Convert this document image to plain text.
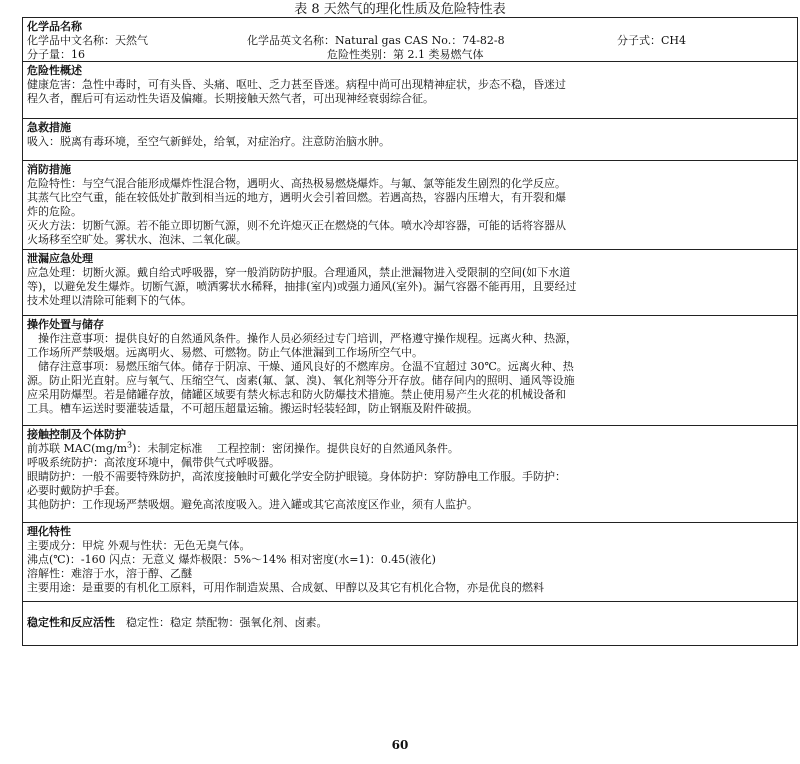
表 8 天然气的理化性质及危险特性表
化学品名称
化学品中文名称：天然气	化学品英文名称：Natural gas CAS No.：74-82-8	分子式：CH4
分子量：16	危险性类别：第 2.1 类易燃气体
危险性概述
健康危害：急性中毒时，可有头昏、头痛、呕吐、乏力甚至昏迷。病程中尚可出现精神症状，步态不稳，昏迷过
程久者，醒后可有运动性失语及偏瘫。长期接触天然气者，可出现神经衰弱综合征。
急救措施
吸入：脱离有毒环境，至空气新鲜处，给氧，对症治疗。注意防治脑水肿。
消防措施
危险特性：与空气混合能形成爆炸性混合物，遇明火、高热极易燃烧爆炸。与氟、氯等能发生剧烈的化学反应。
其蒸气比空气重，能在较低处扩散到相当远的地方，遇明火会引着回燃。若遇高热，容器内压增大，有开裂和爆
炸的危险。
灭火方法：切断气源。若不能立即切断气源，则不允许熄灭正在燃烧的气体。喷水冷却容器，可能的话将容器从
火场移至空旷处。雾状水、泡沫、二氧化碳。
泄漏应急处理
应急处理：切断火源。戴自给式呼吸器，穿一般消防防护服。合理通风，禁止泄漏物进入受限制的空间(如下水道
等)，以避免发生爆炸。切断气源，喷洒雾状水稀释，抽排(室内)或强力通风(室外)。漏气容器不能再用，且要经过
技术处理以清除可能剩下的气体。
操作处置与储存
　操作注意事项：提供良好的自然通风条件。操作人员必须经过专门培训，严格遵守操作规程。远离火种、热源，
工作场所严禁吸烟。远离明火、易燃、可燃物。防止气体泄漏到工作场所空气中。
　储存注意事项：易燃压缩气体。储存于阴凉、干燥、通风良好的不燃库房。仓温不宜超过 30℃。远离火种、热
源。防止阳光直射。应与氧气、压缩空气、卤素(氟、氯、溴)、氧化剂等分开存放。储存间内的照明、通风等设施
应采用防爆型。若是储罐存放，储罐区域要有禁火标志和防火防爆技术措施。禁止使用易产生火花的机械设备和
工具。槽车运送时要灌装适量，不可超压超量运输。搬运时轻装轻卸，防止钢瓶及附件破损。
接触控制及个体防护
前苏联 $MAC(mg/m^3)$：未制定标准　 工程控制：密闭操作。提供良好的自然通风条件。
呼吸系统防护：高浓度环境中，佩带供气式呼吸器。
眼睛防护：一般不需要特殊防护，高浓度接触时可戴化学安全防护眼镜。身体防护：穿防静电工作服。手防护：
必要时戴防护手套。
其他防护：工作现场严禁吸烟。避免高浓度吸入。进入罐或其它高浓度区作业，须有人监护。
理化特性
主要成分：甲烷 外观与性状：无色无臭气体。
沸点(℃)：-160 闪点：无意义 爆炸极限：5%～14% 相对密度(水=1)：0.45(液化)
溶解性：难溶于水，溶于醇、乙醚
主要用途：是重要的有机化工原料，可用作制造炭黑、合成氨、甲醇以及其它有机化合物，亦是优良的燃料
稳定性和反应活性　稳定性：稳定 禁配物：强氧化剂、卤素。
60
